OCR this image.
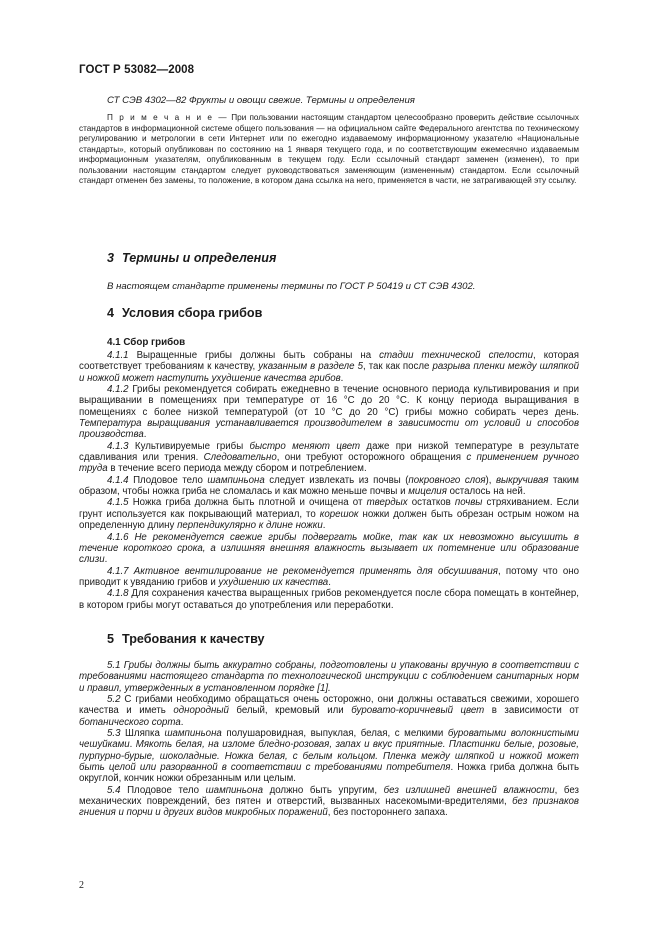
ГОСТ Р 53082—2008
СТ СЭВ 4302—82 Фрукты и овощи свежие. Термины и определения

П р и м е ч а н и е — При пользовании настоящим стандартом целесообразно проверить действие ссылочных стандартов в информационной системе общего пользования — на официальном сайте Федерального агентства по техническому регулированию и метрологии в сети Интернет или по ежегодно издаваемому информационному указателю «Национальные стандарты», который опубликован по состоянию на 1 января текущего года, и по соответствующим ежемесячно издаваемым информационным указателям, опубликованным в текущем году. Если ссылочный стандарт заменен (изменен), то при пользовании настоящим стандартом следует руководствоваться заменяющим (измененным) стандартом. Если ссылочный стандарт отменен без замены, то положение, в котором дана ссылка на него, применяется в части, не затрагивающей эту ссылку.

3 Термины и определения
В настоящем стандарте применены термины по ГОСТ Р 50419 и СТ СЭВ 4302.
4 Условия сбора грибов
4.1 Сбор грибов

4.1.1 Выращенные грибы должны быть собраны на стадии технической спелости, которая соответствует требованиям к качеству, указанным в разделе 5, так как после разрыва пленки между шляпкой и ножкой может наступить ухудшение качества грибов.

4.1.2 Грибы рекомендуется собирать ежедневно в течение основного периода культивирования и при выращивании в помещениях при температуре от 16 °С до 20 °С. К концу периода выращивания в помещениях с более низкой температурой (от 10 °С до 20 °С) грибы можно собирать через день. Температура выращивания устанавливается производителем в зависимости от условий и способов производства.

4.1.3 Культивируемые грибы быстро меняют цвет даже при низкой температуре в результате сдавливания или трения. Следовательно, они требуют осторожного обращения с применением ручного труда в течение всего периода между сбором и потреблением.

4.1.4 Плодовое тело шампиньона следует извлекать из почвы (покровного слоя), выкручивая таким образом, чтобы ножка гриба не сломалась и как можно меньше почвы и мицелия осталось на ней.

4.1.5 Ножка гриба должна быть плотной и очищена от твердых остатков почвы стряхиванием. Если грунт используется как покрывающий материал, то корешок ножки должен быть обрезан острым ножом на определенную длину перпендикулярно к длине ножки.

4.1.6 Не рекомендуется свежие грибы подвергать мойке, так как их невозможно высушить в течение короткого срока, а излишняя внешняя влажность вызывает их потемнение или образование слизи.

4.1.7 Активное вентилирование не рекомендуется применять для обсушивания, потому что оно приводит к увяданию грибов и ухудшению их качества.

4.1.8 Для сохранения качества выращенных грибов рекомендуется после сбора помещать в контейнер, в котором грибы могут оставаться до употребления или переработки.

5 Требования к качеству

5.1 Грибы должны быть аккуратно собраны, подготовлены и упакованы вручную в соответствии с требованиями настоящего стандарта по технологической инструкции с соблюдением санитарных норм и правил, утвержденных в установленном порядке [1].

5.2 С грибами необходимо обращаться очень осторожно, они должны оставаться свежими, хорошего качества и иметь однородный белый, кремовый или буровато-коричневый цвет в зависимости от ботанического сорта.

5.3 Шляпка шампиньона полушаровидная, выпуклая, белая, с мелкими буроватыми волокнистыми чешуйками. Мякоть белая, на изломе бледно-розовая, запах и вкус приятные. Пластинки белые, розовые, пурпурно-бурые, шоколадные. Ножка белая, с белым кольцом. Пленка между шляпкой и ножкой может быть целой или разорванной в соответствии с требованиями потребителя. Ножка гриба должна быть округлой, кончик ножки обрезанным или целым.

5.4 Плодовое тело шампиньона должно быть упругим, без излишней внешней влажности, без механических повреждений, без пятен и отверстий, вызванных насекомыми-вредителями, без признаков гниения и порчи и других видов микробных поражений, без постороннего запаха.

2
